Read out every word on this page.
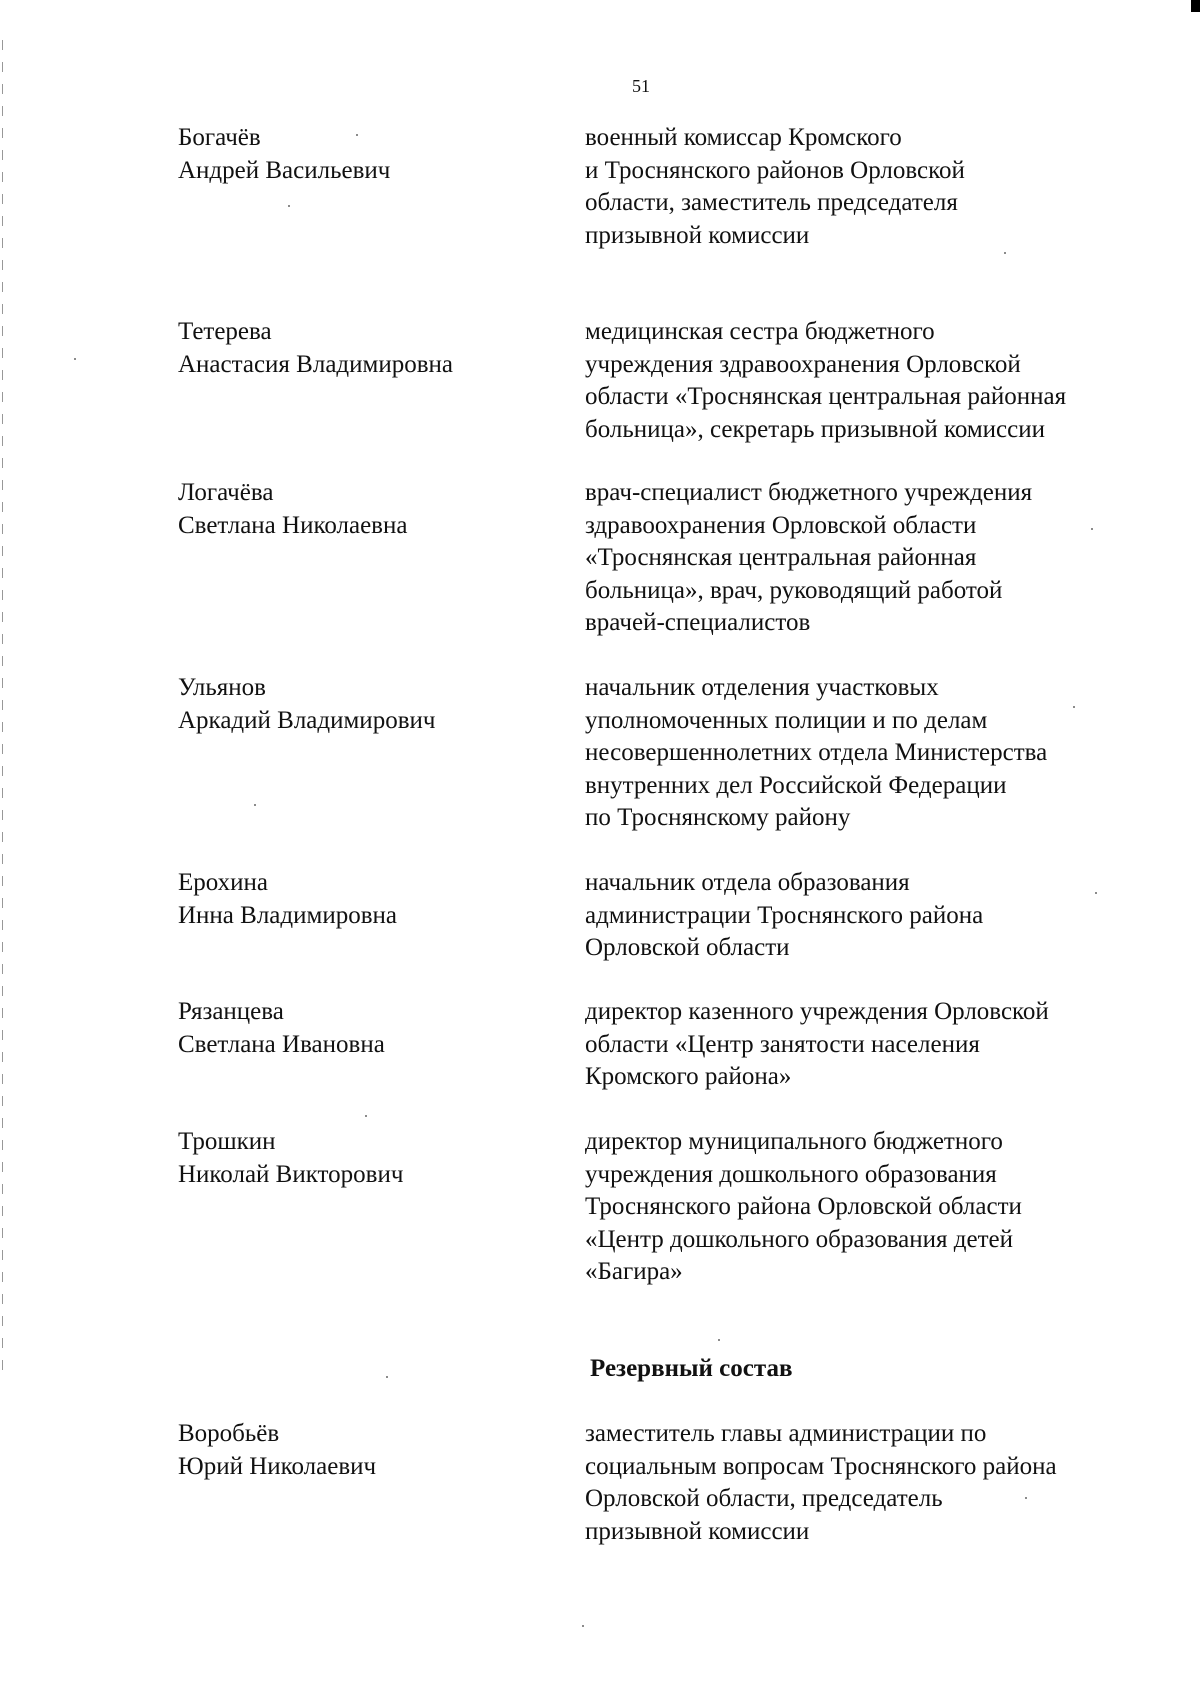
51
Богачёв
Андрей Васильевич
военный комиссар Кромского
и Троснянского районов Орловской
области, заместитель председателя
призывной комиссии
Тетерева
Анастасия Владимировна
медицинская сестра бюджетного
учреждения здравоохранения Орловской
области «Троснянская центральная районная
больница», секретарь призывной комиссии
Логачёва
Светлана Николаевна
врач-специалист бюджетного учреждения
здравоохранения Орловской области
«Троснянская центральная районная
больница», врач, руководящий работой
врачей-специалистов
Ульянов
Аркадий Владимирович
начальник отделения участковых
уполномоченных полиции и по делам
несовершеннолетних отдела Министерства
внутренних дел Российской Федерации
по Троснянскому району
Ерохина
Инна Владимировна
начальник отдела образования
администрации Троснянского района
Орловской области
Рязанцева
Светлана Ивановна
директор казенного учреждения Орловской
области «Центр занятости населения
Кромского района»
Трошкин
Николай Викторович
директор муниципального бюджетного
учреждения дошкольного образования
Троснянского района Орловской области
«Центр дошкольного образования детей
«Багира»
Резервный состав
Воробьёв
Юрий Николаевич
заместитель главы администрации по
социальным вопросам Троснянского района
Орловской области, председатель
призывной комиссии
